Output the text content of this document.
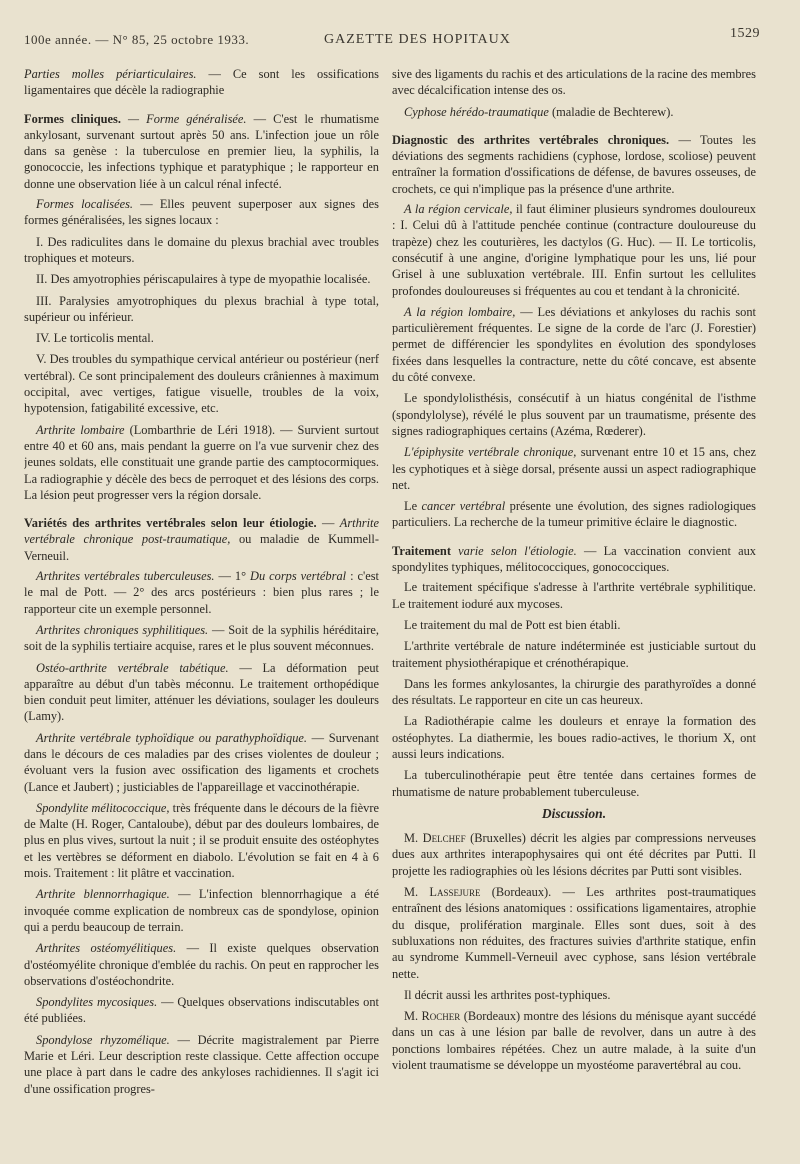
100e année. — N° 85, 25 octobre 1933.	GAZETTE DES HOPITAUX	1529

Parties molles périarticulaires. — Ce sont les ossifications ligamentaires que décèle la radiographie

Formes cliniques. — Forme généralisée. — C'est le rhumatisme ankylosant, survenant surtout après 50 ans. L'infection joue un rôle dans sa genèse : la tuberculose en premier lieu, la syphilis, la gonococcie, les infections typhique et paratyphique ; le rapporteur en donne une observation liée à un calcul rénal infecté.

Formes localisées. — Elles peuvent superposer aux signes des formes généralisées, les signes locaux :

I. Des radiculites dans le domaine du plexus brachial avec troubles trophiques et moteurs.

II. Des amyotrophies périscapulaires à type de myopathie localisée.

III. Paralysies amyotrophiques du plexus brachial à type total, supérieur ou inférieur.

IV. Le torticolis mental.

V. Des troubles du sympathique cervical antérieur ou postérieur (nerf vertébral). Ce sont principalement des douleurs crâniennes à maximum occipital, avec vertiges, fatigue visuelle, troubles de la voix, hypotension, fatigabilité excessive, etc.

Arthrite lombaire (Lombarthrie de Léri 1918). — Survient surtout entre 40 et 60 ans, mais pendant la guerre on l'a vue survenir chez des jeunes soldats, elle constituait une grande partie des camptocormiques. La radiographie y décèle des becs de perroquet et des lésions des corps. La lésion peut progresser vers la région dorsale.

Variétés des arthrites vertébrales selon leur étiologie. — Arthrite vertébrale chronique post-traumatique, ou maladie de Kummell-Verneuil.

Arthrites vertébrales tuberculeuses. — 1° Du corps vertébral : c'est le mal de Pott. — 2° des arcs postérieurs : bien plus rares ; le rapporteur cite un exemple personnel.

Arthrites chroniques syphilitiques. — Soit de la syphilis héréditaire, soit de la syphilis tertiaire acquise, rares et le plus souvent méconnues.

Ostéo-arthrite vertébrale tabétique. — La déformation peut apparaître au début d'un tabès méconnu. Le traitement orthopédique bien conduit peut limiter, atténuer les déviations, soulager les douleurs (Lamy).

Arthrite vertébrale typhoïdique ou parathyphoïdique. — Survenant dans le décours de ces maladies par des crises violentes de douleur ; évoluant vers la fusion avec ossification des ligaments et crochets (Lance et Jaubert) ; justiciables de l'appareillage et vaccinothérapie.

Spondylite mélitococcique, très fréquente dans le décours de la fièvre de Malte (H. Roger, Cantaloube), début par des douleurs lombaires, de plus en plus vives, surtout la nuit ; il se produit ensuite des ostéophytes et les vertèbres se déforment en diabolo. L'évolution se fait en 4 à 6 mois. Traitement : lit plâtre et vaccination.

Arthrite blennorrhagique. — L'infection blennorrhagique a été invoquée comme explication de nombreux cas de spondylose, opinion qui a perdu beaucoup de terrain.

Arthrites ostéomyélitiques. — Il existe quelques observation d'ostéomyélite chronique d'emblée du rachis. On peut en rapprocher les observations d'ostéochondrite.

Spondylites mycosiques. — Quelques observations indiscutables ont été publiées.

Spondylose rhyzomélique. — Décrite magistralement par Pierre Marie et Léri. Leur description reste classique. Cette affection occupe une place à part dans le cadre des ankyloses rachidiennes. Il s'agit ici d'une ossification progres-

sive des ligaments du rachis et des articulations de la racine des membres avec décalcification intense des os.

Cyphose hérédo-traumatique (maladie de Bechterew).

Diagnostic des arthrites vertébrales chroniques. — Toutes les déviations des segments rachidiens (cyphose, lordose, scoliose) peuvent entraîner la formation d'ossifications de défense, de bavures osseuses, de crochets, ce qui n'implique pas la présence d'une arthrite.

A la région cervicale, il faut éliminer plusieurs syndromes douloureux : I. Celui dû à l'attitude penchée continue (contracture douloureuse du trapèze) chez les couturières, les dactylos (G. Huc). — II. Le torticolis, consécutif à une angine, d'origine lymphatique pour les uns, lié pour Grisel à une subluxation vertébrale. III. Enfin surtout les cellulites profondes douloureuses si fréquentes au cou et tendant à la chronicité.

A la région lombaire, — Les déviations et ankyloses du rachis sont particulièrement fréquentes. Le signe de la corde de l'arc (J. Forestier) permet de différencier les spondylites en évolution des spondyloses fixées dans lesquelles la contracture, nette du côté concave, est absente du côté convexe.

Le spondylolisthésis, consécutif à un hiatus congénital de l'isthme (spondylolyse), révélé le plus souvent par un traumatisme, présente des signes radiographiques certains (Azéma, Rœderer).

L'épiphysite vertébrale chronique, survenant entre 10 et 15 ans, chez les cyphotiques et à siège dorsal, présente aussi un aspect radiographique net.

Le cancer vertébral présente une évolution, des signes radiologiques particuliers. La recherche de la tumeur primitive éclaire le diagnostic.

Traitement varie selon l'étiologie. — La vaccination convient aux spondylites typhiques, mélitococciques, gonococciques.

Le traitement spécifique s'adresse à l'arthrite vertébrale syphilitique. Le traitement ioduré aux mycoses.

Le traitement du mal de Pott est bien établi.

L'arthrite vertébrale de nature indéterminée est justiciable surtout du traitement physiothérapique et crénothérapique.

Dans les formes ankylosantes, la chirurgie des parathyroïdes a donné des résultats. Le rapporteur en cite un cas heureux.

La Radiothérapie calme les douleurs et enraye la formation des ostéophytes. La diathermie, les boues radio-actives, le thorium X, ont aussi leurs indications.

La tuberculinothérapie peut être tentée dans certaines formes de rhumatisme de nature probablement tuberculeuse.

Discussion.

M. Delchef (Bruxelles) décrit les algies par compressions nerveuses dues aux arthrites interapophysaires qui ont été décrites par Putti. Il projette les radiographies où les lésions décrites par Putti sont visibles.

M. Lassejure (Bordeaux). — Les arthrites post-traumatiques entraînent des lésions anatomiques : ossifications ligamentaires, atrophie du disque, prolifération marginale. Elles sont dues, soit à des subluxations non réduites, des fractures suivies d'arthrite statique, enfin au syndrome Kummell-Verneuil avec cyphose, sans lésion vertébrale nette.

Il décrit aussi les arthrites post-typhiques.

M. Rocher (Bordeaux) montre des lésions du ménisque ayant succédé dans un cas à une lésion par balle de revolver, dans un autre à des ponctions lombaires répétées. Chez un autre malade, à la suite d'un violent traumatisme se développe un myostéome paravertébral au cou.
